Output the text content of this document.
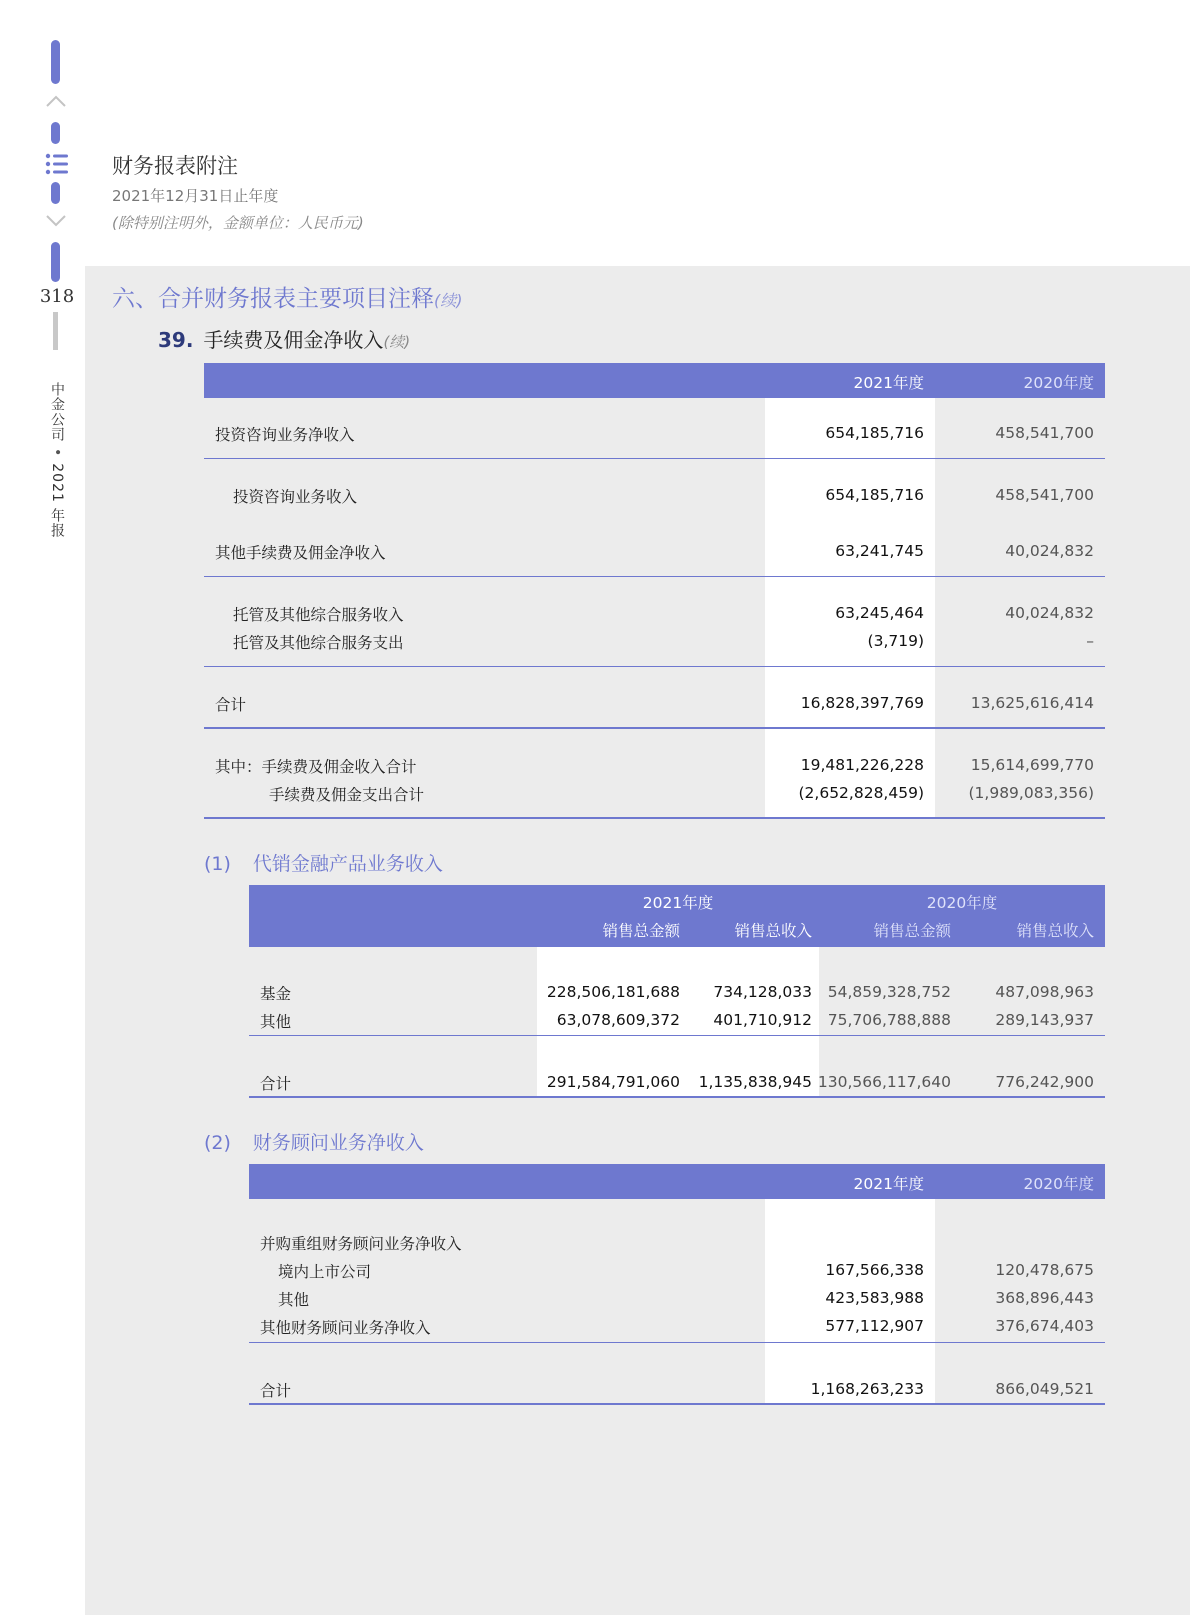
318
中金公司•2021 年报
财务报表附注
2021年12月31日止年度
(除特别注明外，金额单位：人民币元)
六、合并财务报表主要项目注释(续)
39. 手续费及佣金净收入(续)
2021年度	2020年度
投资咨询业务净收入	654,185,716	458,541,700
投资咨询业务收入	654,185,716	458,541,700
其他手续费及佣金净收入	63,241,745	40,024,832
托管及其他综合服务收入	63,245,464	40,024,832
托管及其他综合服务支出	(3,719)	–
合计	16,828,397,769	13,625,616,414
其中：手续费及佣金收入合计	19,481,226,228	15,614,699,770
手续费及佣金支出合计	(2,652,828,459)	(1,989,083,356)
(1) 代销金融产品业务收入
2021年度	2020年度
销售总金额	销售总收入	销售总金额	销售总收入
基金	228,506,181,688 734,128,033 54,859,328,752	487,098,963
其他	63,078,609,372 401,710,912 75,706,788,888	289,143,937
合计	291,584,791,060 1,135,838,945 130,566,117,640	776,242,900
(2) 财务顾问业务净收入
2021年度	2020年度
并购重组财务顾问业务净收入
境内上市公司	167,566,338	120,478,675
其他	423,583,988	368,896,443
其他财务顾问业务净收入	577,112,907	376,674,403
合计	1,168,263,233	866,049,521
